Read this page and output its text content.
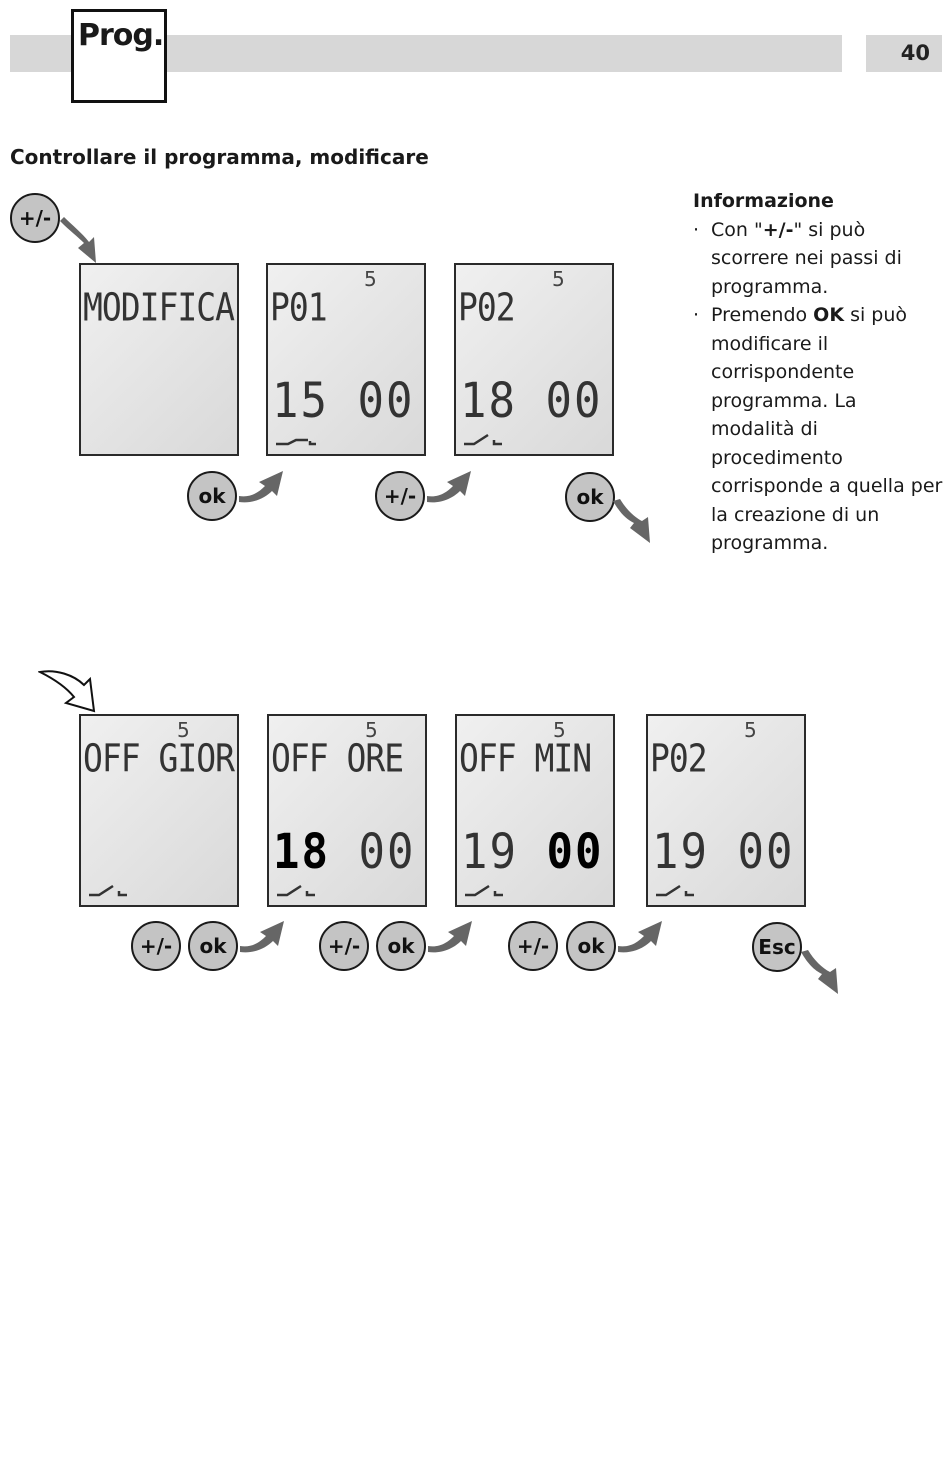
40
Prog.
Controllare il programma, modificare
Informazione
· Con "+/-" si può scorrere nei passi di programma.
· Premendo OK si può modificare il corrispondente programma. La modalità di procedimento corrisponde a quella per la creazione di un programma.
+/-
MODIFICA
5
P01
15 00
5
P02
18 00
ok	+/-	ok
5
OFF GIOR
5
OFF ORE
18 00
5
OFF MIN
19 00
5
P02
19 00
+/-	ok	+/-	ok	+/-	ok	Esc
